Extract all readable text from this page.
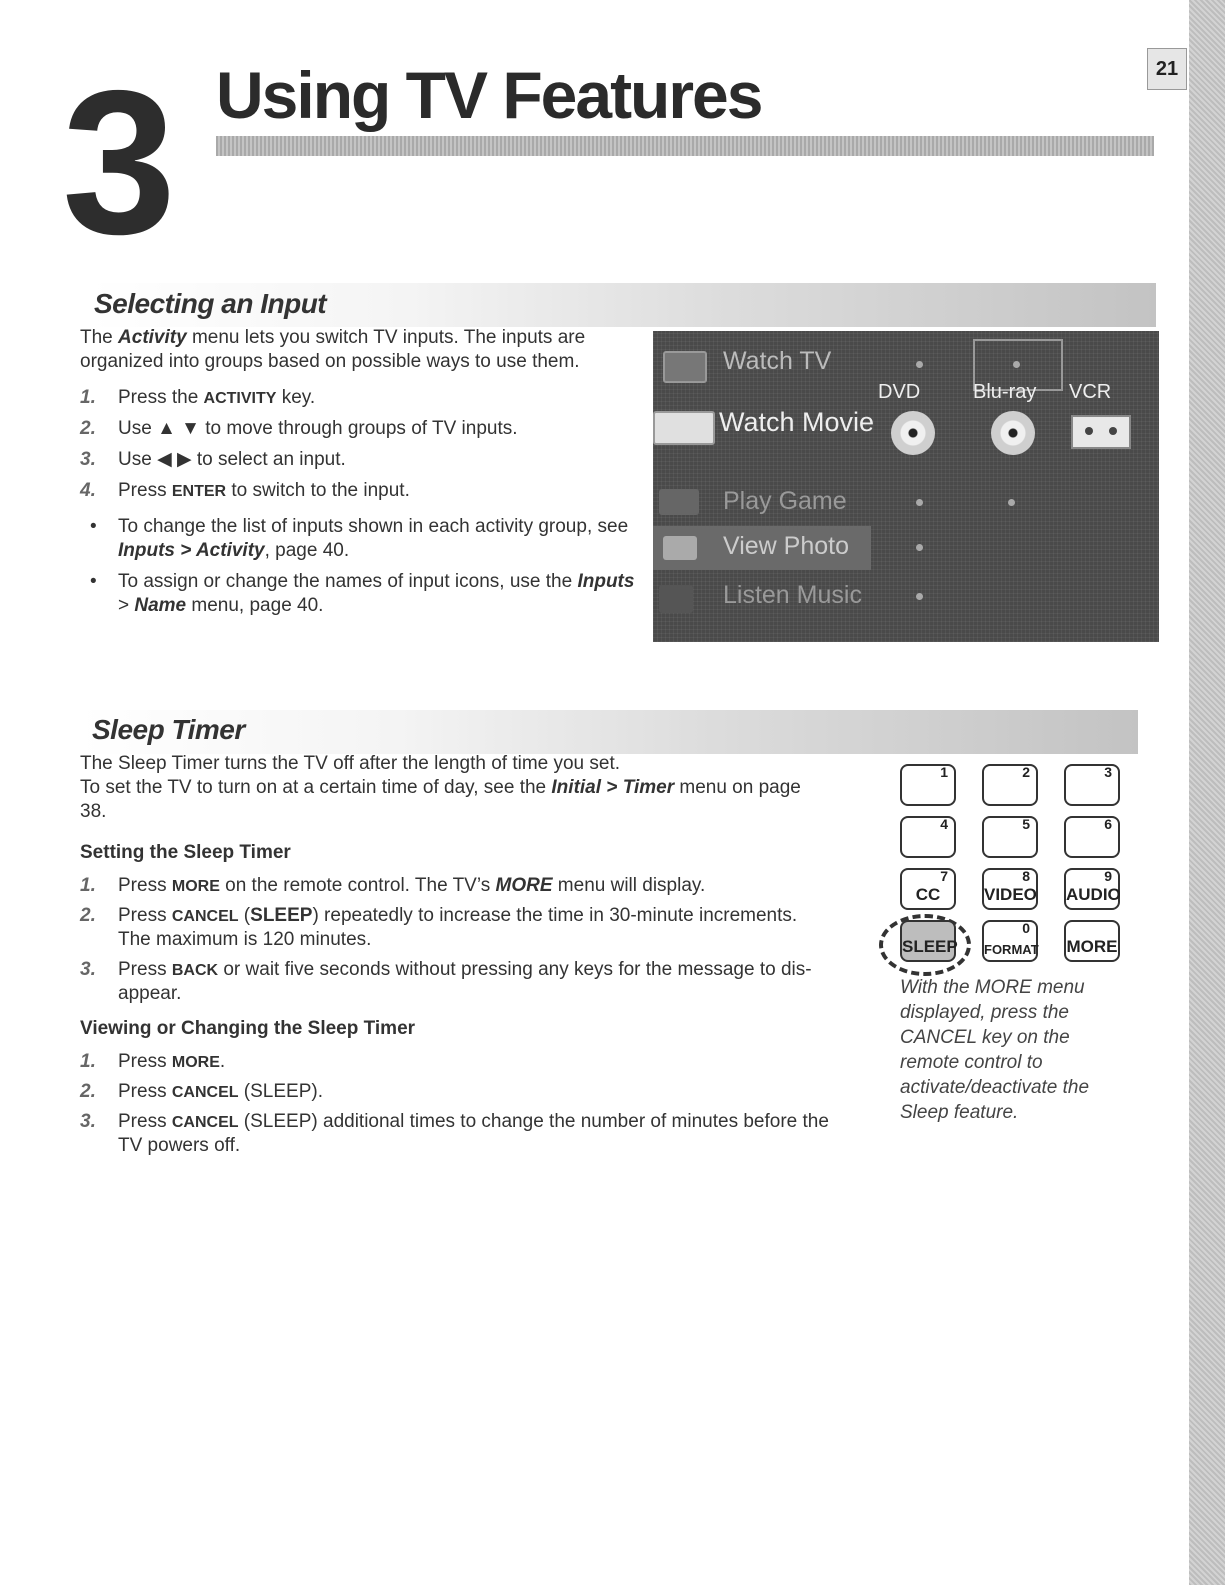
21
3 Using TV Features
Selecting an Input

The Activity menu lets you switch TV inputs. The inputs are organized into groups based on possible ways to use them.

1. Press the ACTIVITY key.
2. Use ▲ ▼ to move through groups of TV inputs.
3. Use ◀ ▶ to select an input.
4. Press ENTER to switch to the input.
• To change the list of inputs shown in each activity group, see Inputs > Activity, page 40.
• To assign or change the names of input icons, use the Inputs > Name menu, page 40.
Watch TV
Watch Movie
DVD	Blu-ray VCR
Play Game
View Photo
Listen Music
Sleep Timer

The Sleep Timer turns the TV off after the length of time you set.

To set the TV to turn on at a certain time of day, see the Initial > Timer menu on page

38.

Setting the Sleep Timer
1. Press MORE on the remote control. The TV’s MORE menu will display.
2. Press CANCEL (SLEEP) repeatedly to increase the time in 30-minute increments.
The maximum is 120 minutes.
3. Press BACK or wait five seconds without pressing any keys for the message to dis-
appear.
Viewing or Changing the Sleep Timer
1. Press MORE.
2. Press CANCEL (SLEEP).
3. Press CANCEL (SLEEP) additional times to change the number of minutes before the
TV powers off.
With the MORE menu displayed, press the CANCEL key on the remote control to activate/deactivate the Sleep feature.
1	2	3
4	5	6
7
CC
8
VIDEO
9
AUDIO
SLEEP
0
FORMAT MORE
